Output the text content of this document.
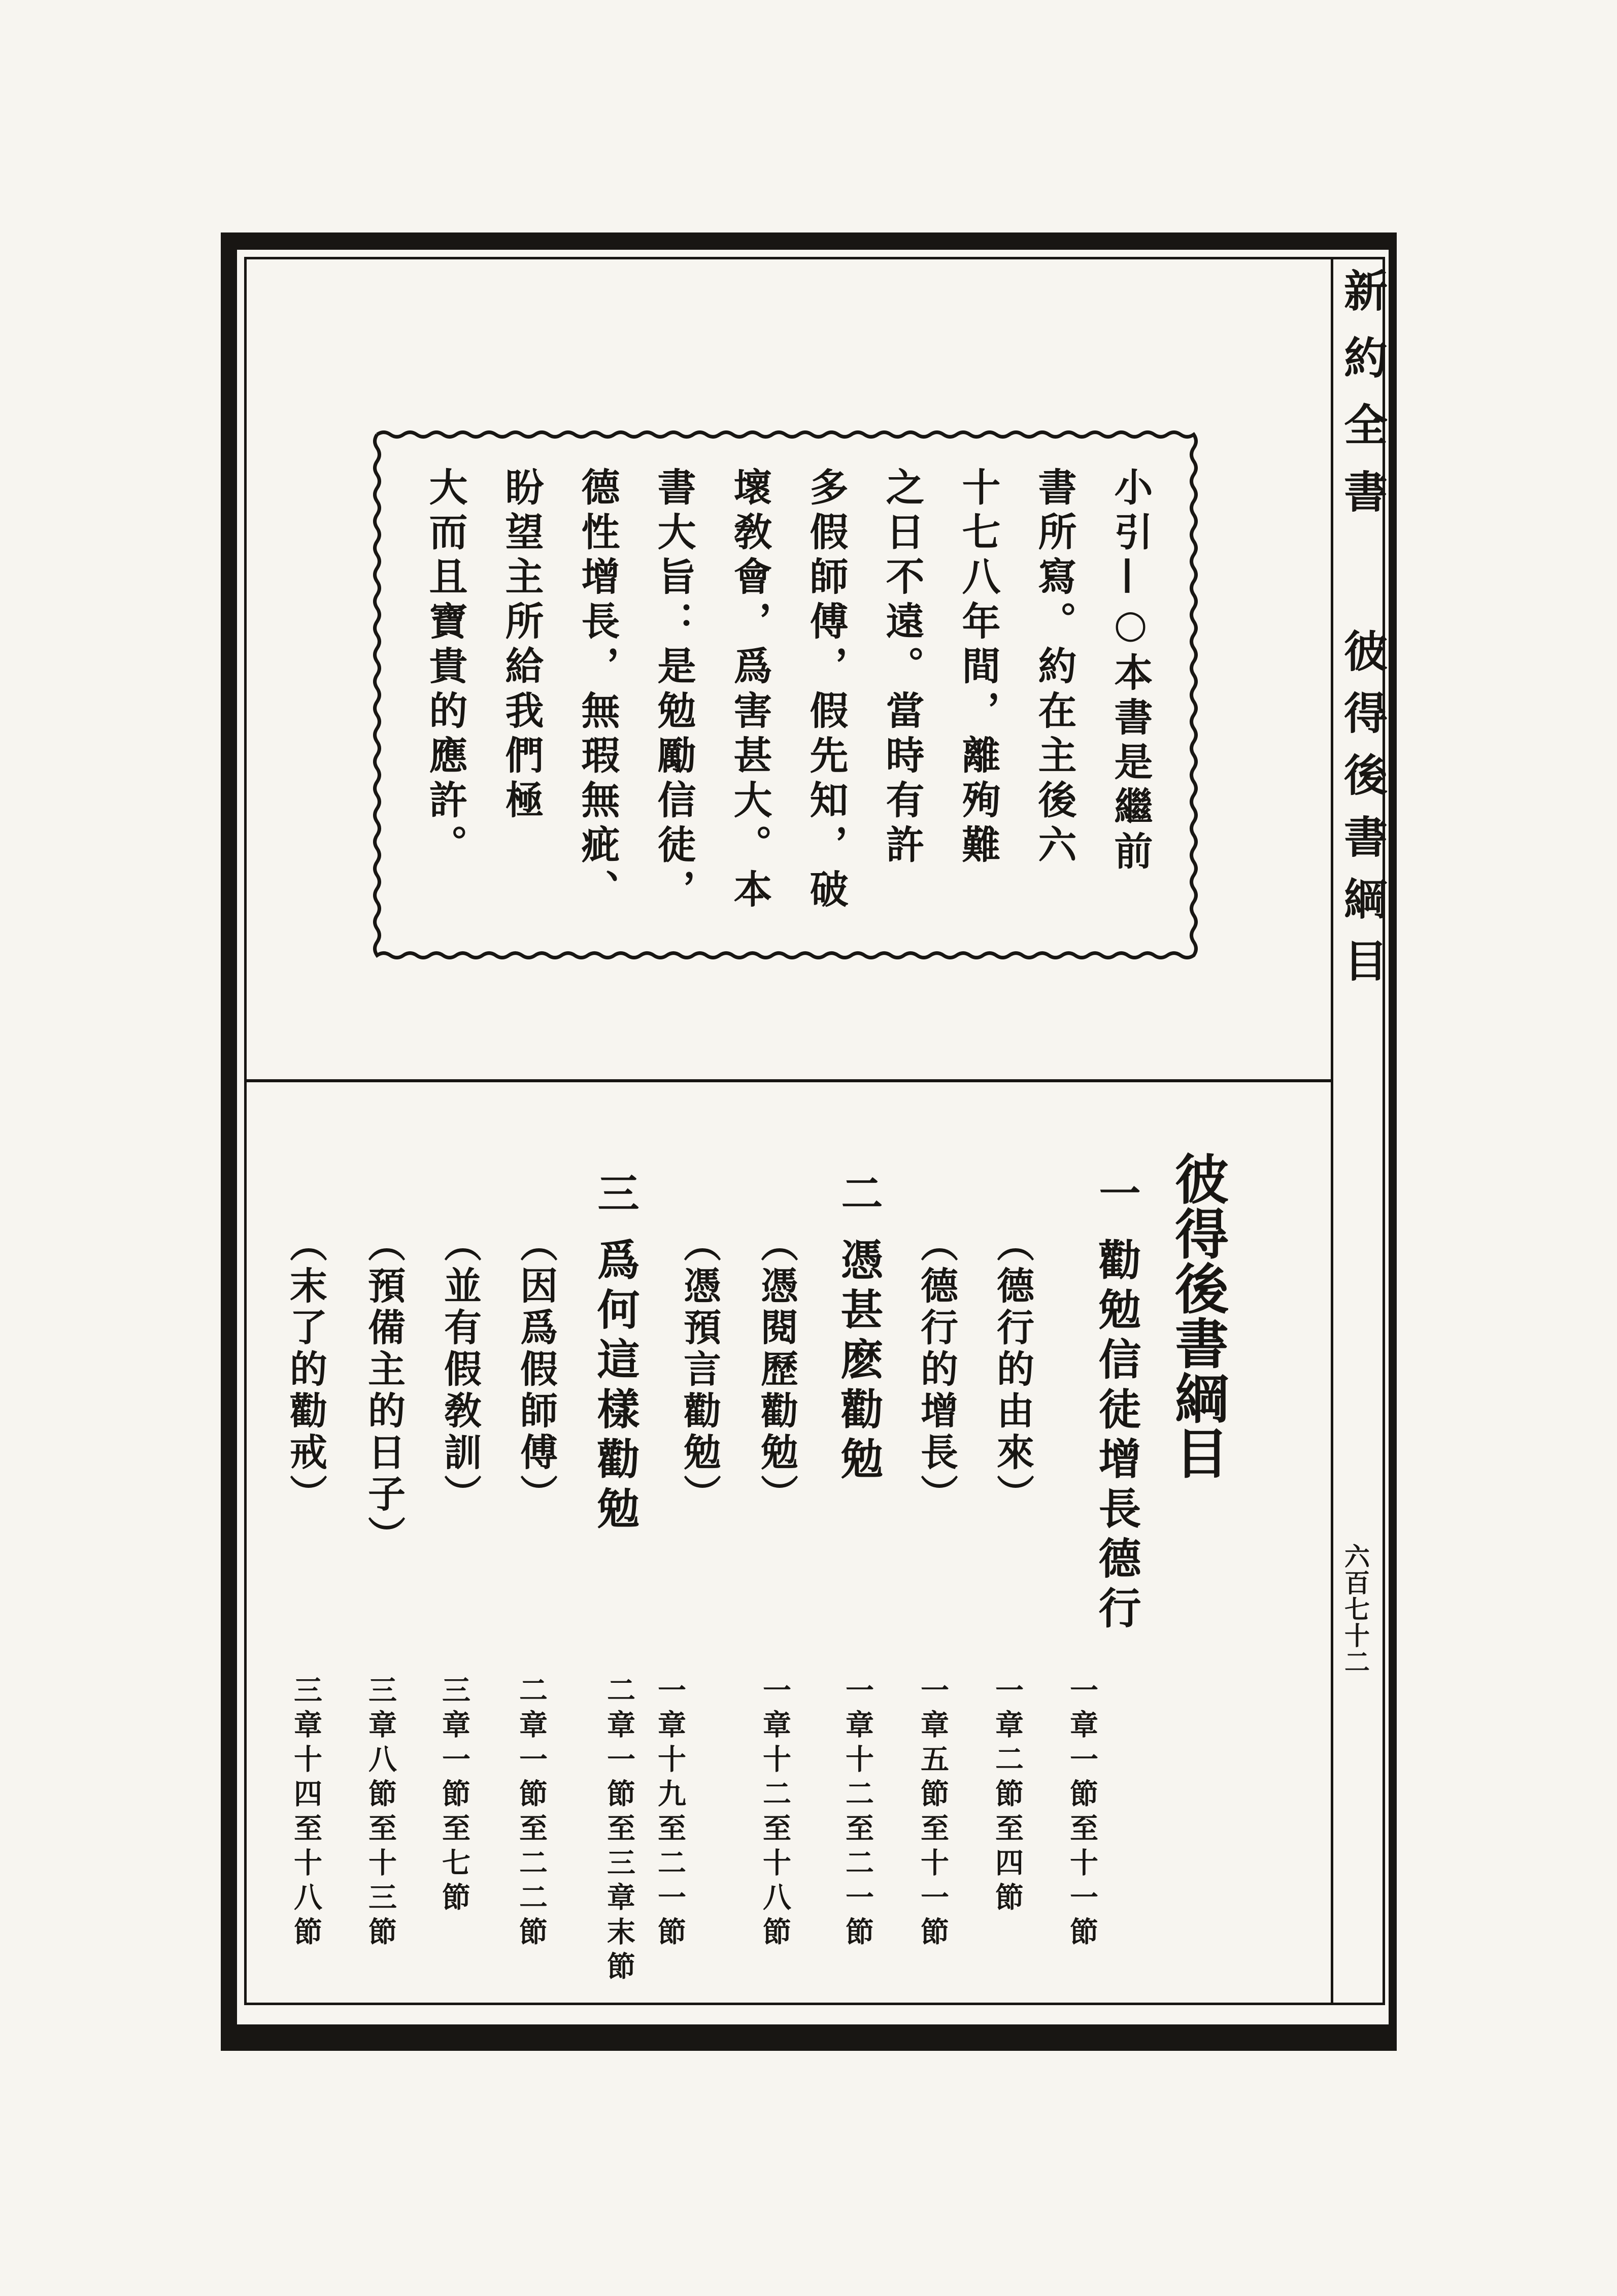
新約全書
彼得後書綱目
六百七十二

小引—○本書是繼前

書所寫。約在主後六

十七八年間，離殉難

之日不遠。當時有許

多假師傅，假先知，破

壞敎會，爲害甚大。本

書大旨：是勉勵信徒，

德性增長，無瑕無疵、

盼望主所給我們極

大而且寶貴的應許。

彼得後書綱目
一
勸勉信徒增長德行
一章一節至十一節
（德行的由來）
一章二節至四節
（德行的增長）
一章五節至十一節
二
憑甚麽勸勉
一章十二至二一節
（憑閱歷勸勉）
一章十二至十八節
（憑預言勸勉）
一章十九至二一節
三
爲何這樣勸勉
二章一節至三章末節
（因爲假師傅）
二章一節至二二節
（並有假敎訓）
三章一節至七節
（預備主的日子）
三章八節至十三節
（末了的勸戒）
三章十四至十八節
